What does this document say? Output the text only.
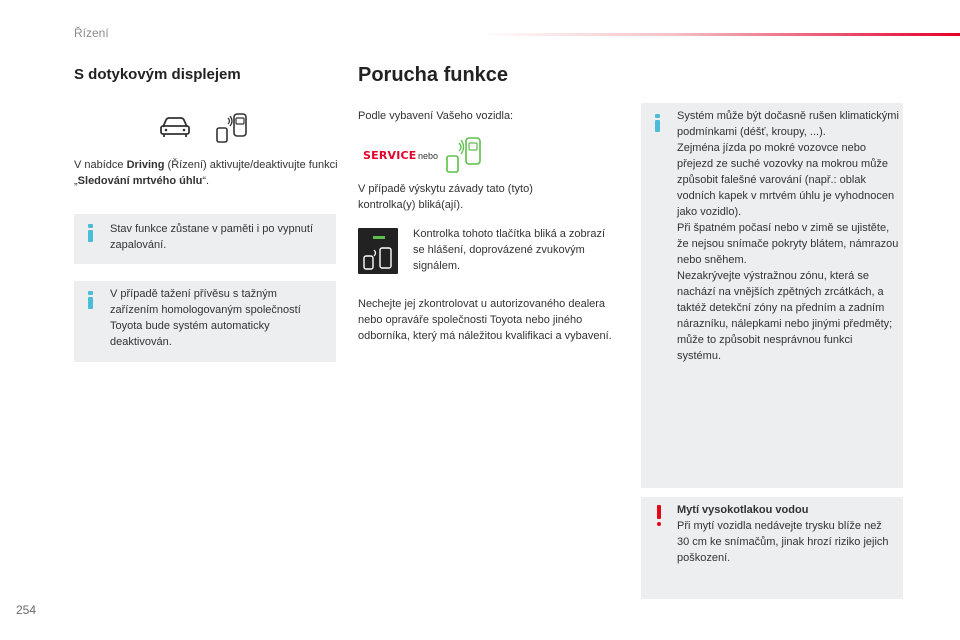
Řízení
S dotykovým displejem
V nabídce Driving (Řízení) aktivujte/deaktivujte funkci „Sledování mrtvého úhlu“.
Stav funkce zůstane v paměti i po vypnutí zapalování.
V případě tažení přívěsu s tažným zařízením homologovaným společností Toyota bude systém automaticky deaktivován.
Porucha funkce
Podle vybavení Vašeho vozidla:
SERVICE nebo
V případě výskytu závady tato (tyto) kontrolka(y) bliká(ají).
Kontrolka tohoto tlačítka bliká a zobrazí se hlášení, doprovázené zvukovým signálem.
Nechejte jej zkontrolovat u autorizovaného dealera nebo opraváře společnosti Toyota nebo jiného odborníka, který má náležitou kvalifikaci a vybavení.
Systém může být dočasně rušen klimatickými podmínkami (déšť, kroupy, ...).
Zejména jízda po mokré vozovce nebo přejezd ze suché vozovky na mokrou může způsobit falešné varování (např.: oblak vodních kapek v mrtvém úhlu je vyhodnocen jako vozidlo).
Při špatném počasí nebo v zimě se ujistěte, že nejsou snímače pokryty blátem, námrazou nebo sněhem.
Nezakrývejte výstražnou zónu, která se nachází na vnějších zpětných zrcátkách, a taktéž detekční zóny na předním a zadním nárazníku, nálepkami nebo jinými předměty; může to způsobit nesprávnou funkci systému.
Mytí vysokotlakou vodou
Při mytí vozidla nedávejte trysku blíže než 30 cm ke snímačům, jinak hrozí riziko jejich poškození.
254
